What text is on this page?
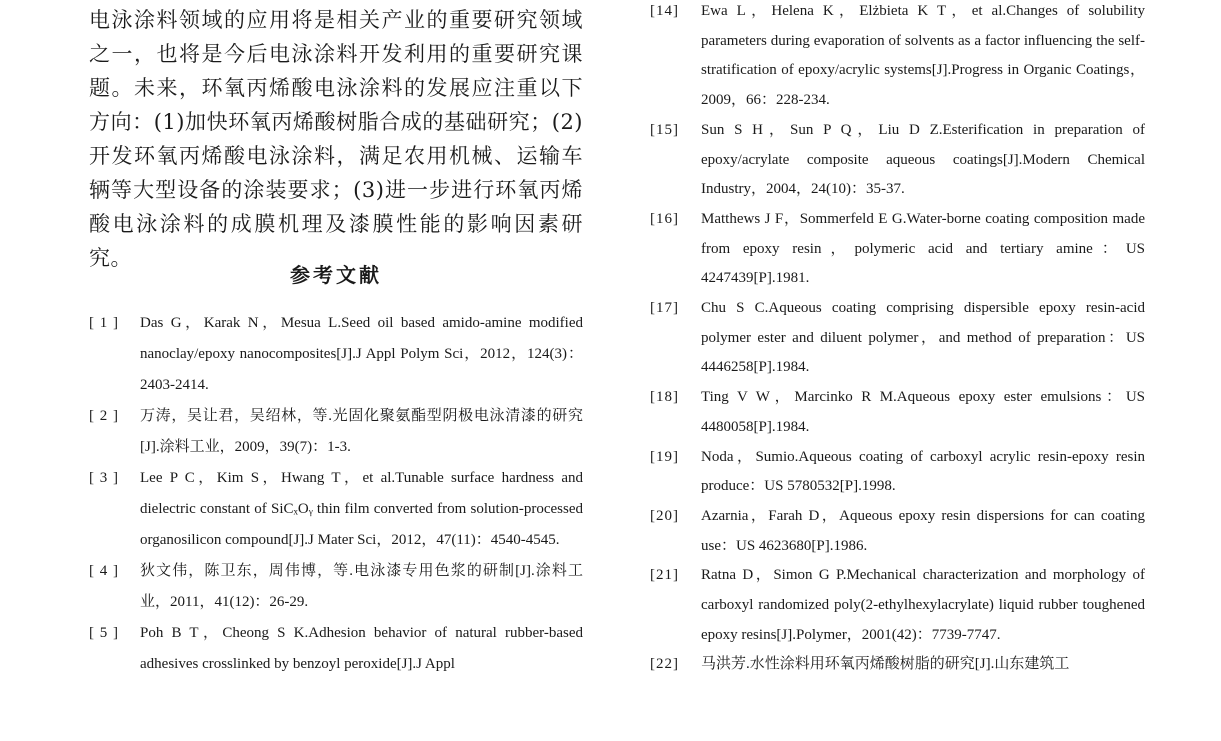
电泳涂料领域的应用将是相关产业的重要研究领域之一，也将是今后电泳涂料开发利用的重要研究课题。未来，环氧丙烯酸电泳涂料的发展应注重以下方向：(1)加快环氧丙烯酸树脂合成的基础研究；(2)开发环氧丙烯酸电泳涂料，满足农用机械、运输车辆等大型设备的涂装要求；(3)进一步进行环氧丙烯酸电泳涂料的成膜机理及漆膜性能的影响因素研究。

参考文献
[ 1 ]	Das G，Karak N，Mesua L.Seed oil based amido-amine modified nanoclay/epoxy nanocomposites[J].J Appl Polym Sci，2012，124(3)：2403-2414.
[ 2 ]	万涛，吴让君，吴绍林，等.光固化聚氨酯型阴极电泳清漆的研究[J].涂料工业，2009，39(7)：1-3.
[ 3 ]	Lee P C，Kim S，Hwang T，et al.Tunable surface hardness and dielectric constant of SiCₓOᵧ thin film converted from solution-processed organosilicon compound[J].J Mater Sci，2012，47(11)：4540-4545.
[ 4 ]	狄文伟，陈卫东，周伟博，等.电泳漆专用色浆的研制[J].涂料工业，2011，41(12)：26-29.
[ 5 ]	Poh B T，Cheong S K.Adhesion behavior of natural rubber-based adhesives crosslinked by benzoyl peroxide[J].J Appl
[14]	Ewa L，Helena K，Elżbieta K T，et al.Changes of solubility parameters during evaporation of solvents as a factor influencing the self-stratification of epoxy/acrylic systems[J].Progress in Organic Coatings，2009，66：228-234.
[15]	Sun S H，Sun P Q，Liu D Z.Esterification in preparation of epoxy/acrylate composite aqueous coatings[J].Modern Chemical Industry，2004，24(10)：35-37.
[16]	Matthews J F，Sommerfeld E G.Water-borne coating composition made from epoxy resin，polymeric acid and tertiary amine：US 4247439[P].1981.
[17]	Chu S C.Aqueous coating comprising dispersible epoxy resin-acid polymer ester and diluent polymer，and method of preparation：US 4446258[P].1984.
[18]	Ting V W，Marcinko R M.Aqueous epoxy ester emulsions：US 4480058[P].1984.
[19]	Noda，Sumio.Aqueous coating of carboxyl acrylic resin-epoxy resin produce：US 5780532[P].1998.
[20]	Azarnia，Farah D，Aqueous epoxy resin dispersions for can coating use：US 4623680[P].1986.
[21]	Ratna D，Simon G P.Mechanical characterization and morphology of carboxyl randomized poly(2-ethylhexylacrylate) liquid rubber toughened epoxy resins[J].Polymer，2001(42)：7739-7747.
[22]	马洪芳.水性涂料用环氧丙烯酸树脂的研究[J].山东建筑工
